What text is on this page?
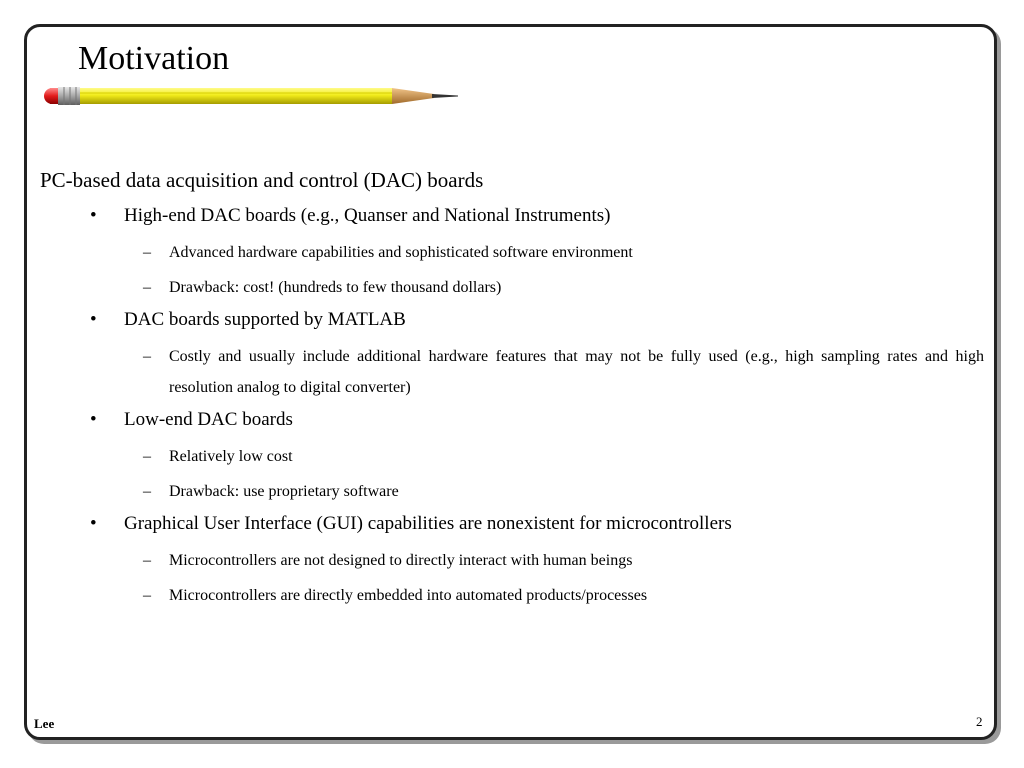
Motivation
PC-based data acquisition and control (DAC) boards
• High-end DAC boards (e.g., Quanser and National Instruments)
– Advanced hardware capabilities and sophisticated software environment
– Drawback: cost! (hundreds to few thousand dollars)
• DAC boards supported by MATLAB
– Costly and usually include additional hardware features that may not be fully used (e.g., high sampling rates and high resolution analog to digital converter)
• Low-end DAC boards
– Relatively low cost
– Drawback: use proprietary software
• Graphical User Interface (GUI) capabilities are nonexistent for microcontrollers
– Microcontrollers are not designed to directly interact with human beings
– Microcontrollers are directly embedded into automated products/processes
Lee	2
